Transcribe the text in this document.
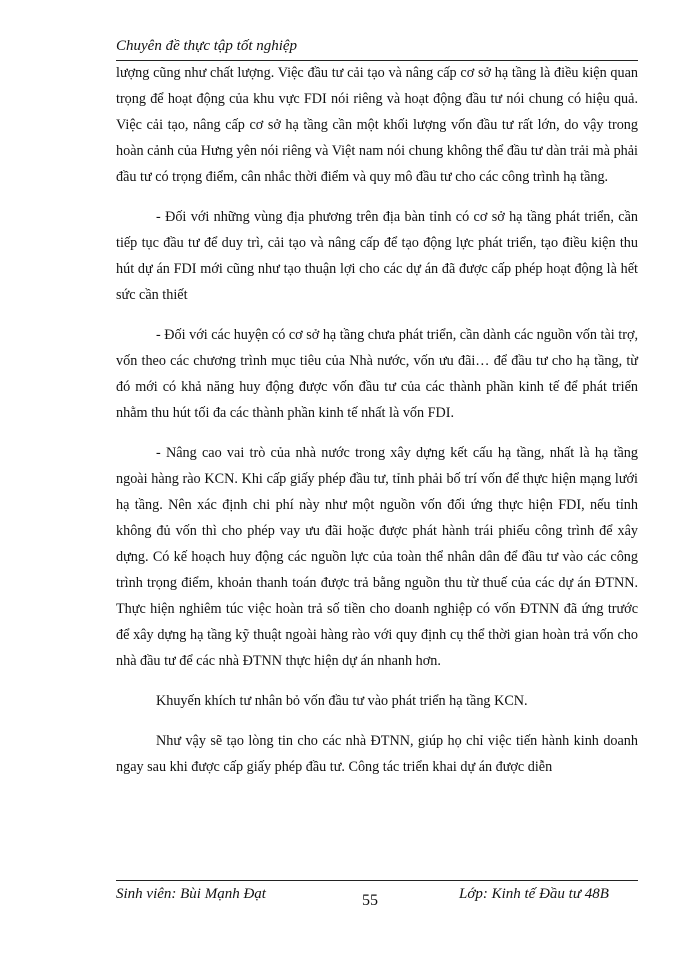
Chuyên đề thực tập tốt nghiệp

lượng cũng như chất lượng. Việc đầu tư cải tạo và nâng cấp cơ sở hạ tầng là điều kiện quan trọng để hoạt động của khu vực FDI nói riêng và hoạt động đầu tư nói chung có hiệu quả. Việc cải tạo, nâng cấp cơ sở hạ tầng cần một khối lượng vốn đầu tư rất lớn, do vậy trong hoàn cảnh của Hưng yên nói riêng và Việt nam nói chung không thể đầu tư dàn trải mà phải đầu tư có trọng điểm, cân nhắc thời điểm và quy mô đầu tư cho các công trình hạ tầng.

- Đối với những vùng địa phương trên địa bàn tỉnh có cơ sở hạ tầng phát triển, cần tiếp tục đầu tư để duy trì, cải tạo và nâng cấp để tạo động lực phát triển, tạo điều kiện thu hút dự án FDI mới cũng như tạo thuận lợi cho các dự án đã được cấp phép hoạt động là hết sức cần thiết

- Đối với các huyện có cơ sở hạ tầng chưa phát triển, cần dành các nguồn vốn tài trợ, vốn theo các chương trình mục tiêu của Nhà nước, vốn ưu đãi… để đầu tư cho hạ tầng, từ đó mới có khả năng huy động được vốn đầu tư của các thành phần kinh tế để phát triển nhằm thu hút tối đa các thành phần kinh tế nhất là vốn FDI.

- Nâng cao vai trò của nhà nước trong xây dựng kết cấu hạ tầng, nhất là hạ tầng ngoài hàng rào KCN. Khi cấp giấy phép đầu tư, tỉnh phải bố trí vốn để thực hiện mạng lưới hạ tầng. Nên xác định chi phí này như một nguồn vốn đối ứng thực hiện FDI, nếu tỉnh không đủ vốn thì cho phép vay ưu đãi hoặc được phát hành trái phiếu công trình để xây dựng. Có kế hoạch huy động các nguồn lực của toàn thể nhân dân để đầu tư vào các công trình trọng điểm, khoản thanh toán được trả bằng nguồn thu từ thuế của các dự án ĐTNN. Thực hiện nghiêm túc việc hoàn trả số tiền cho doanh nghiệp có vốn ĐTNN đã ứng trước để xây dựng hạ tầng kỹ thuật ngoài hàng rào với quy định cụ thể thời gian hoàn trả vốn cho nhà đầu tư để các nhà ĐTNN thực hiện dự án nhanh hơn.

Khuyến khích tư nhân bỏ vốn đầu tư vào phát triển hạ tầng KCN.

Như vậy sẽ tạo lòng tin cho các nhà ĐTNN, giúp họ chỉ việc tiến hành kinh doanh ngay sau khi được cấp giấy phép đầu tư. Công tác triển khai dự án được diễn

Sinh viên: Bùi Mạnh Đạt	55	Lớp: Kinh tế Đầu tư 48B
